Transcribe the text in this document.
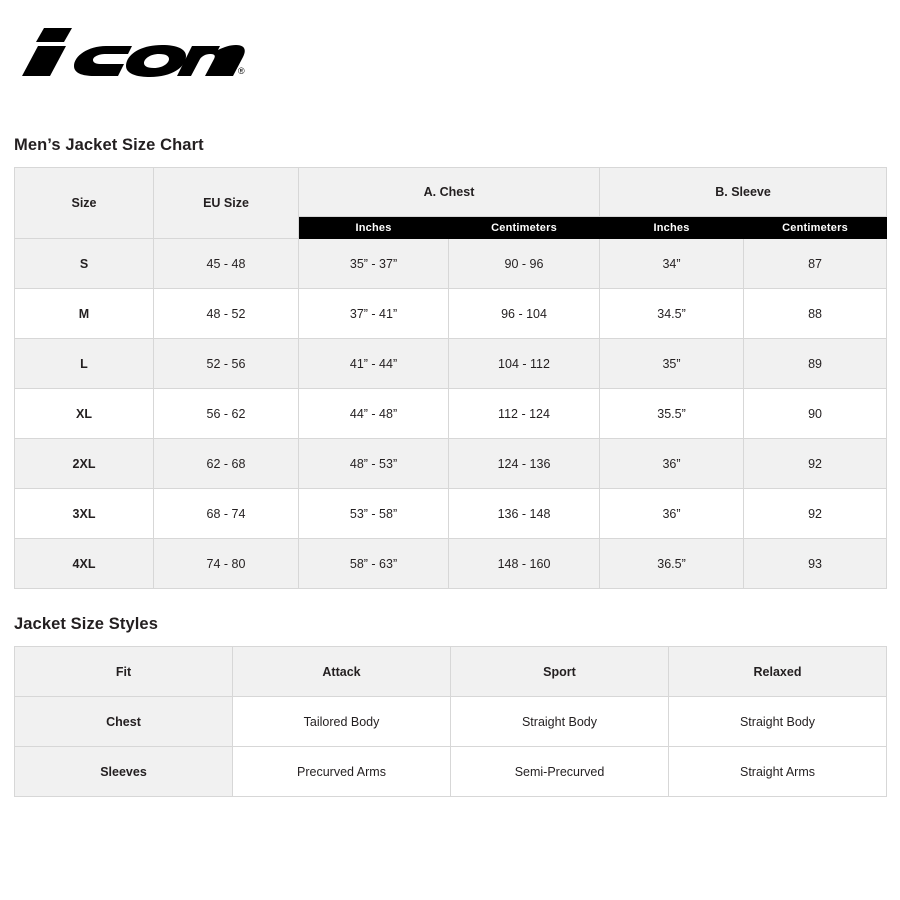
®
Men’s Jacket Size Chart
Size	EU Size	A. Chest		B. Sleeve	
		Inches	Centimeters	Inches	Centimeters
S	45 - 48	35” - 37”	90 - 96	34”	87
M	48 - 52	37” - 41”	96 - 104	34.5”	88
L	52 - 56	41” - 44”	104 - 112	35”	89
XL	56 - 62	44” - 48”	112 - 124	35.5”	90
2XL	62 - 68	48” - 53”	124 - 136	36”	92
3XL	68 - 74	53” - 58”	136 - 148	36”	92
4XL	74 - 80	58” - 63”	148 - 160	36.5”	93
Jacket Size Styles
Fit	Attack	Sport	Relaxed
Chest	Tailored Body	Straight Body	Straight Body
Sleeves	Precurved Arms	Semi-Precurved	Straight Arms
